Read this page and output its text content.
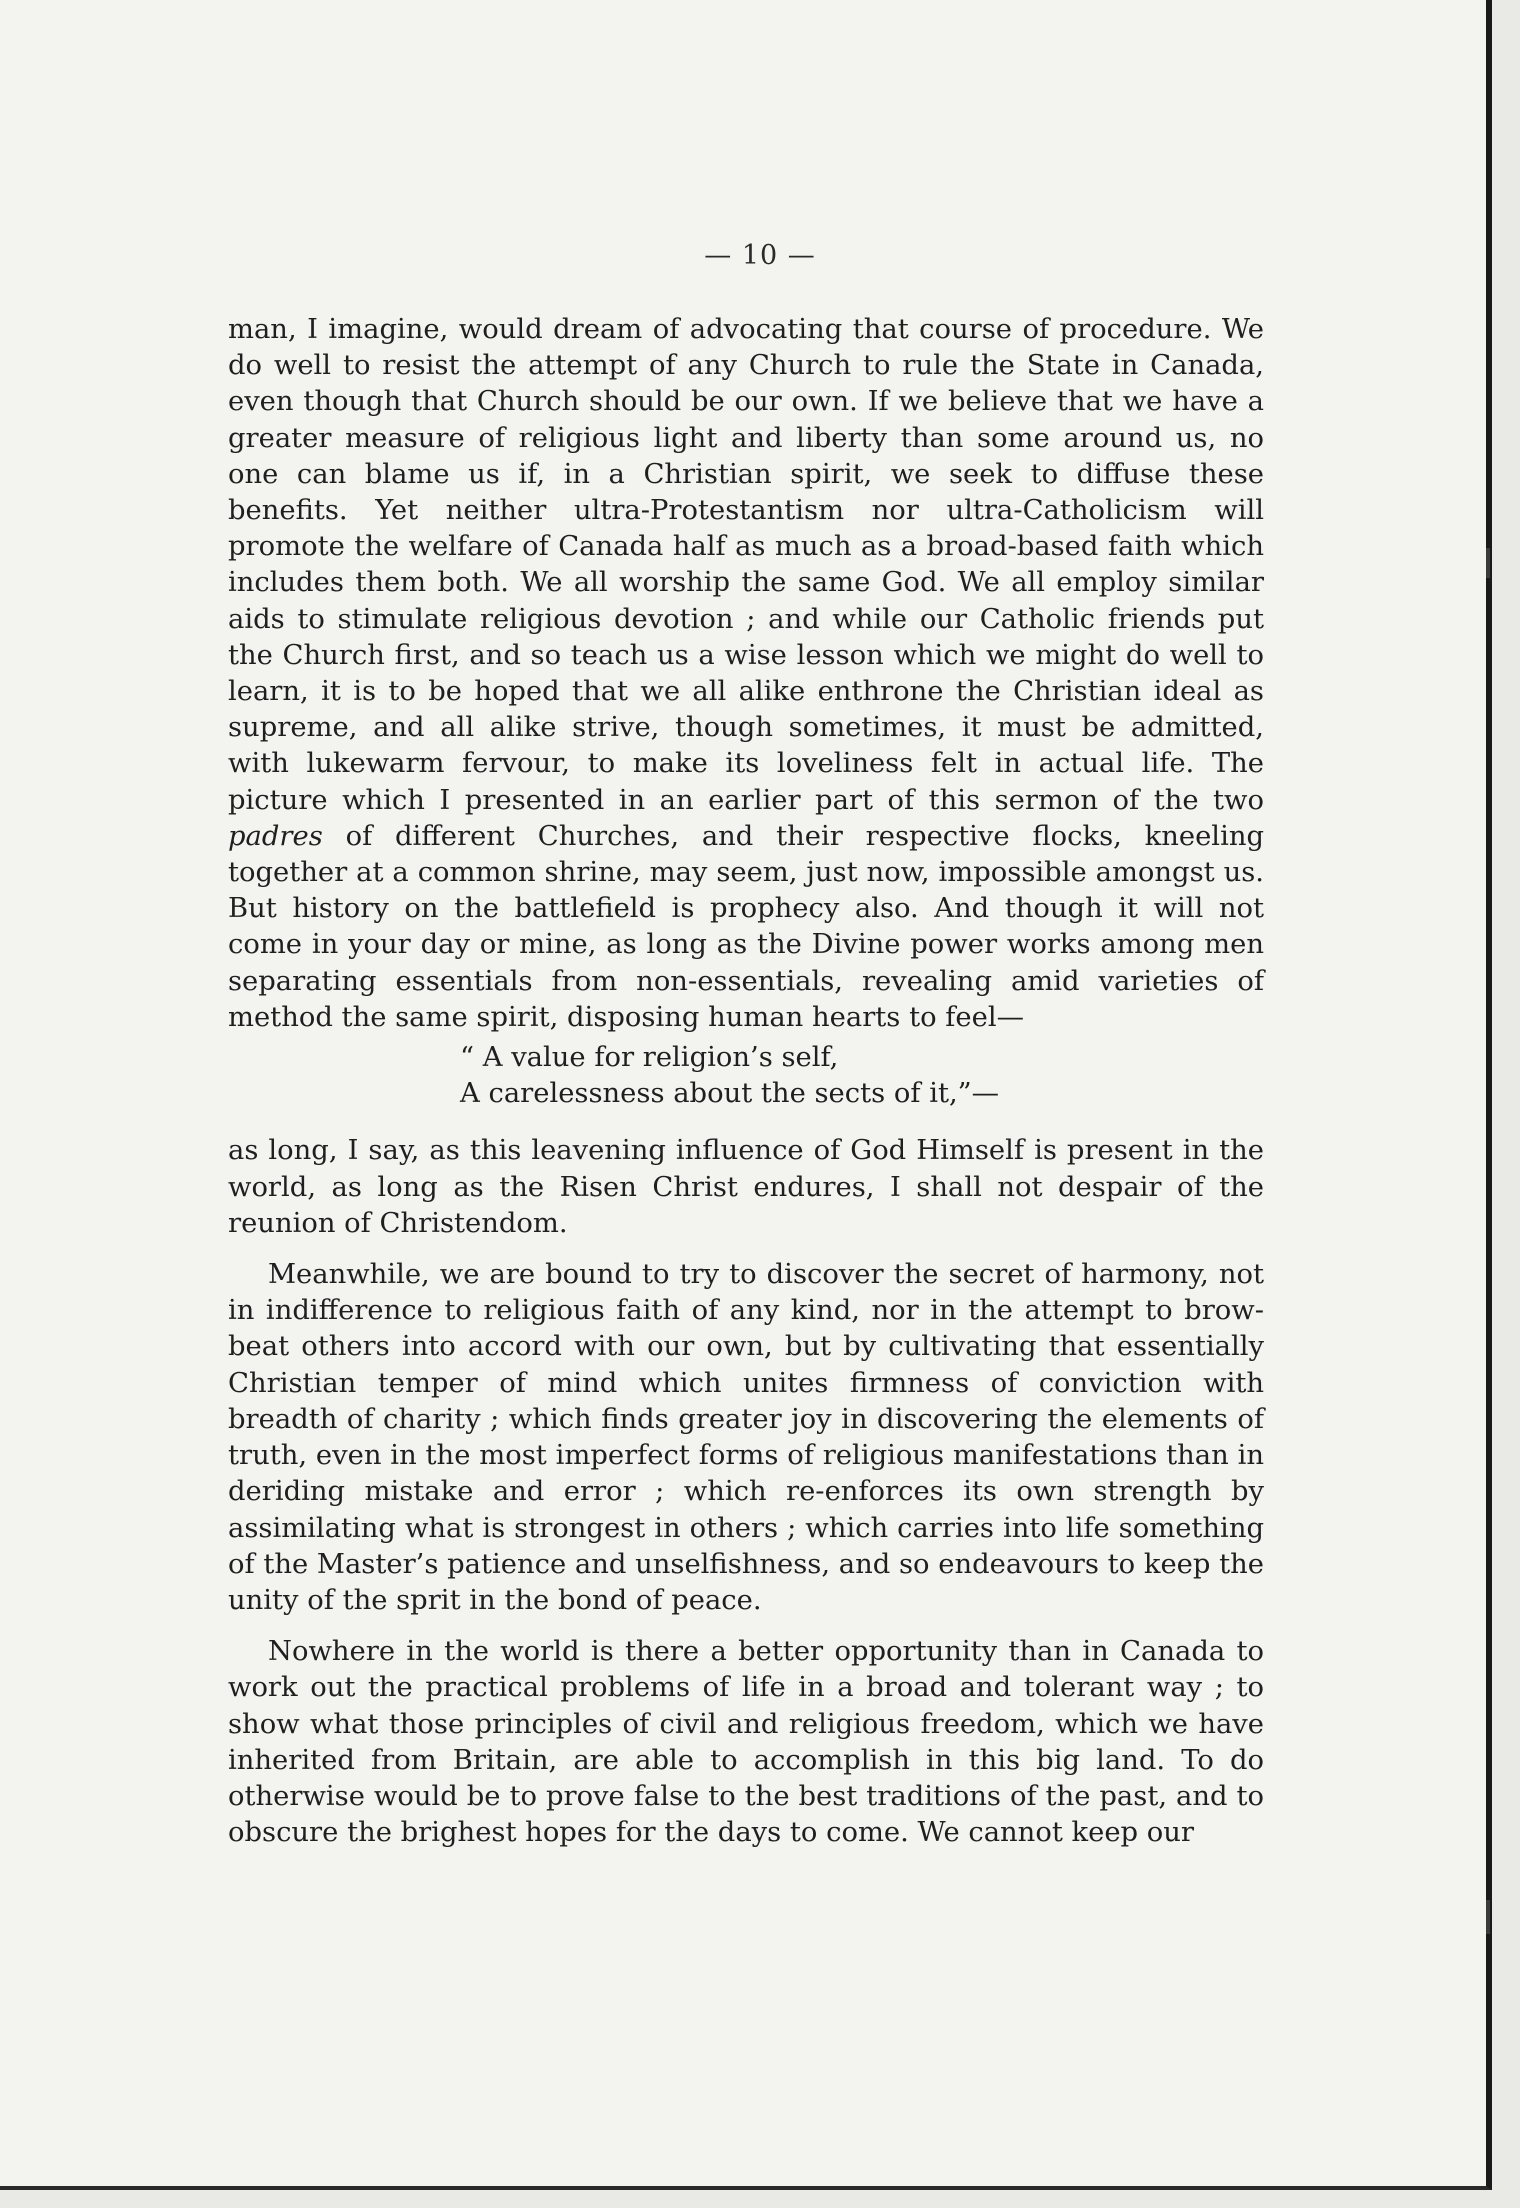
— 10 —

man, I imagine, would dream of advocating that course of procedure. We do well to resist the attempt of any Church to rule the State in Canada, even though that Church should be our own. If we believe that we have a greater measure of religious light and liberty than some around us, no one can blame us if, in a Christian spirit, we seek to diffuse these benefits. Yet neither ultra-Protestantism nor ultra-Catholicism will promote the welfare of Canada half as much as a broad-based faith which includes them both. We all worship the same God. We all employ similar aids to stimulate religious devotion ; and while our Catholic friends put the Church first, and so teach us a wise lesson which we might do well to learn, it is to be hoped that we all alike enthrone the Christian ideal as supreme, and all alike strive, though sometimes, it must be admitted, with lukewarm fervour, to make its loveliness felt in actual life. The picture which I presented in an earlier part of this sermon of the two padres of different Churches, and their respective flocks, kneeling together at a common shrine, may seem, just now, impossible amongst us. But history on the battlefield is prophecy also. And though it will not come in your day or mine, as long as the Divine power works among men separating essentials from non-essentials, revealing amid varieties of method the same spirit, disposing human hearts to feel—

“ A value for religion’s self,
A carelessness about the sects of it,”—

as long, I say, as this leavening influence of God Himself is present in the world, as long as the Risen Christ endures, I shall not despair of the reunion of Christendom.

Meanwhile, we are bound to try to discover the secret of harmony, not in indifference to religious faith of any kind, nor in the attempt to brow-beat others into accord with our own, but by cultivating that essentially Christian temper of mind which unites firmness of conviction with breadth of charity ; which finds greater joy in discovering the elements of truth, even in the most imperfect forms of religious manifestations than in deriding mistake and error ; which re-enforces its own strength by assimilating what is strongest in others ; which carries into life something of the Master’s patience and unselfishness, and so endeavours to keep the unity of the sprit in the bond of peace.

Nowhere in the world is there a better opportunity than in Canada to work out the practical problems of life in a broad and tolerant way ; to show what those principles of civil and religious freedom, which we have inherited from Britain, are able to accomplish in this big land. To do otherwise would be to prove false to the best traditions of the past, and to obscure the brighest hopes for the days to come. We cannot keep our
